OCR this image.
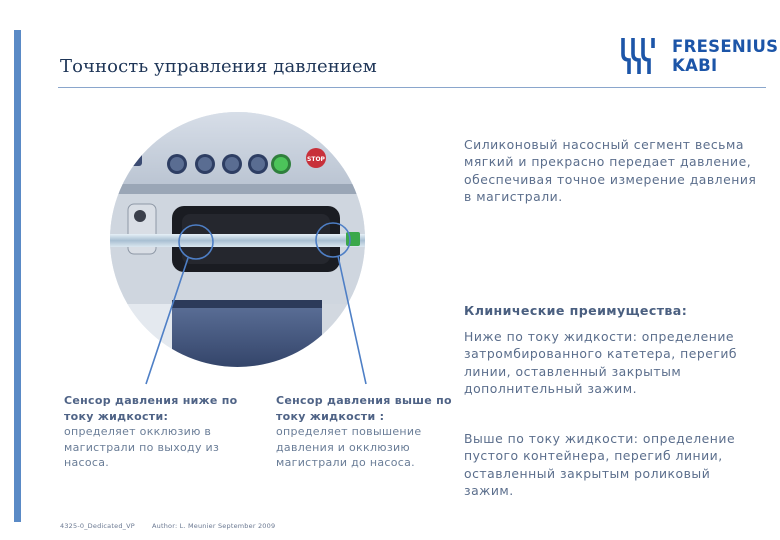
Точность управления давлением
FRESENIUS
KABI
STOP
Силиконовый насосный сегмент весьма мягкий и прекрасно передает давление, обеспечивая точное измерение давления в магистрали.
Клинические преимущества:
Ниже по току жидкости: определение затромбированного катетера, перегиб линии, оставленный закрытым дополнительный зажим.
Выше по току жидкости: определение пустого контейнера, перегиб линии, оставленный закрытым роликовый зажим.
Сенсор давления ниже по току жидкости:
определяет окклюзию в магистрали по выходу из насоса.
Сенсор давления выше по току жидкости :
определяет повышение давления и окклюзию магистрали до насоса.
4325-0_Dedicated_VP	Author: L. Meunier September 2009
